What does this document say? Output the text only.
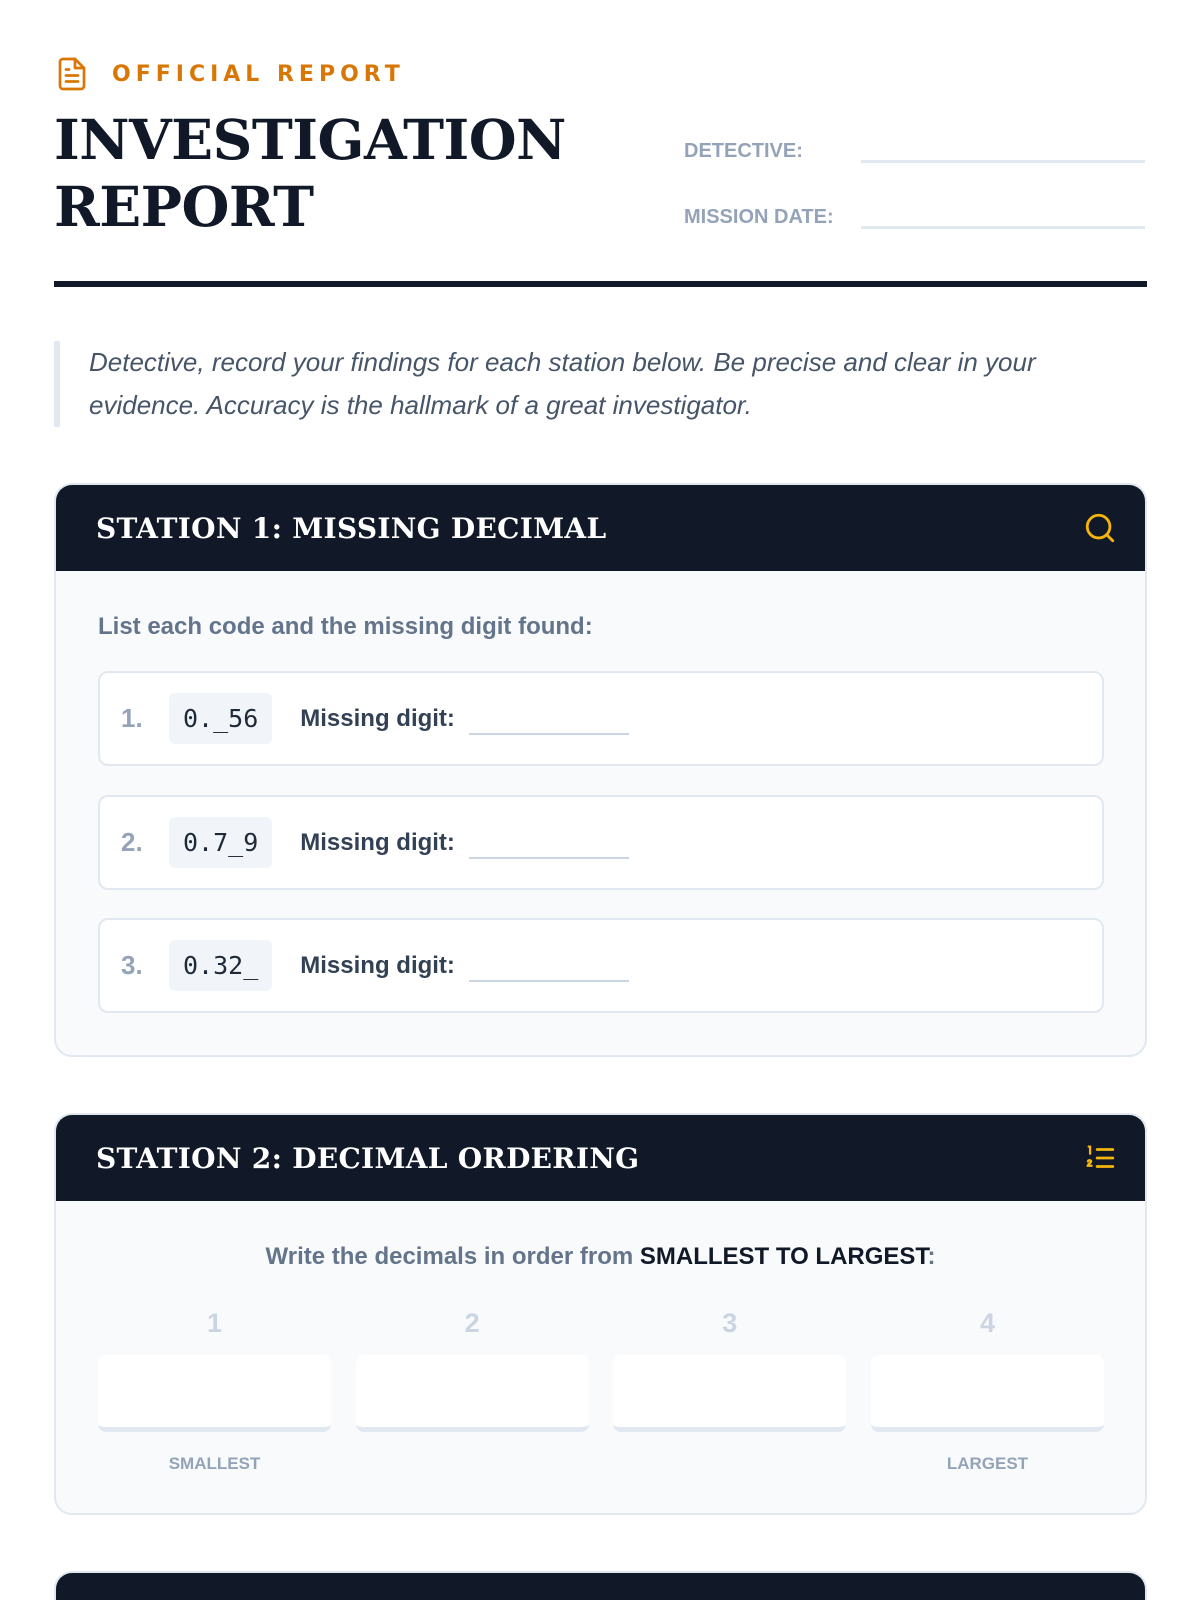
OFFICIAL REPORT
INVESTIGATION
REPORT
DETECTIVE:
MISSION DATE:

Detective, record your findings for each station below. Be precise and clear in your evidence. Accuracy is the hallmark of a great investigator.

STATION 1: MISSING DECIMAL
List each code and the missing digit found:
1.	0._56	Missing digit:
2.	0.7_9	Missing digit:
3.	0.32_	Missing digit:
STATION 2: DECIMAL ORDERING
Write the decimals in order from SMALLEST TO LARGEST:
1
SMALLEST
2	3	4
LARGEST
